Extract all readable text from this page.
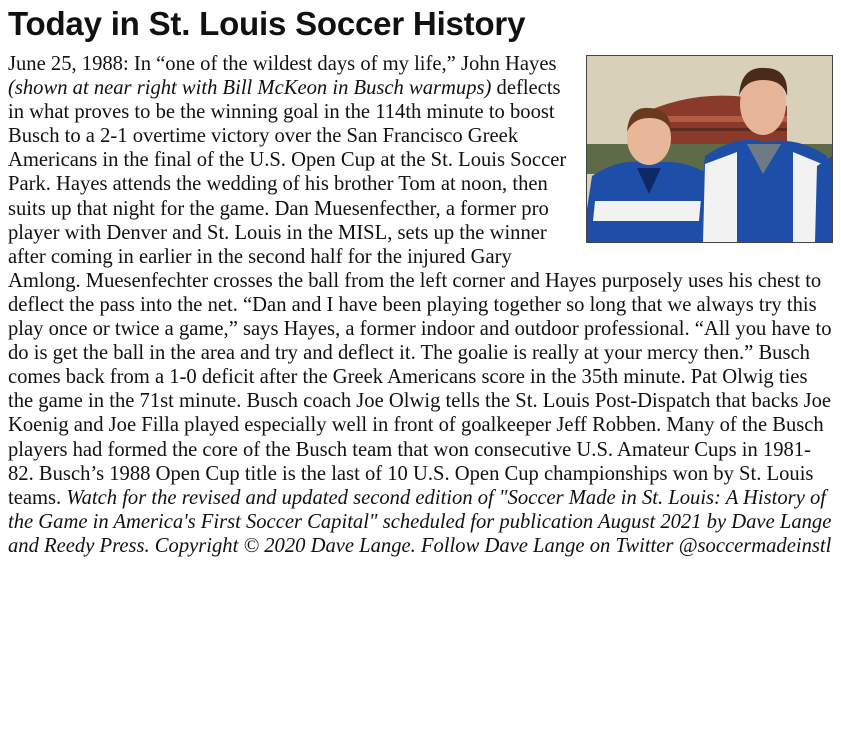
Today in St. Louis Soccer History
June 25, 1988: In “one of the wildest days of my life,” John Hayes (shown at near right with Bill McKeon in Busch warmups) deflects in what proves to be the winning goal in the 114th minute to boost Busch to a 2-1 overtime victory over the San Francisco Greek Americans in the final of the U.S. Open Cup at the St. Louis Soccer Park. Hayes attends the wedding of his brother Tom at noon, then suits up that night for the game. Dan Muesenfecther, a former pro player with Denver and St. Louis in the MISL, sets up the winner after coming in earlier in the second half for the injured Gary Amlong. Muesenfechter crosses the ball from the left corner and Hayes purposely uses his chest to deflect the pass into the net. “Dan and I have been playing together so long that we always try this play once or twice a game,” says Hayes, a former indoor and outdoor professional. “All you have to do is get the ball in the area and try and deflect it. The goalie is really at your mercy then.” Busch comes back from a 1-0 deficit after the Greek Americans score in the 35th minute. Pat Olwig ties the game in the 71st minute. Busch coach Joe Olwig tells the St. Louis Post-Dispatch that backs Joe Koenig and Joe Filla played especially well in front of goalkeeper Jeff Robben. Many of the Busch players had formed the core of the Busch team that won consecutive U.S. Amateur Cups in 1981-82. Busch’s 1988 Open Cup title is the last of 10 U.S. Open Cup championships won by St. Louis teams. Watch for the revised and updated second edition of "Soccer Made in St. Louis: A History of the Game in America's First Soccer Capital" scheduled for publication August 2021 by Dave Lange and Reedy Press. Copyright © 2020 Dave Lange. Follow Dave Lange on Twitter @soccermadeinstl
